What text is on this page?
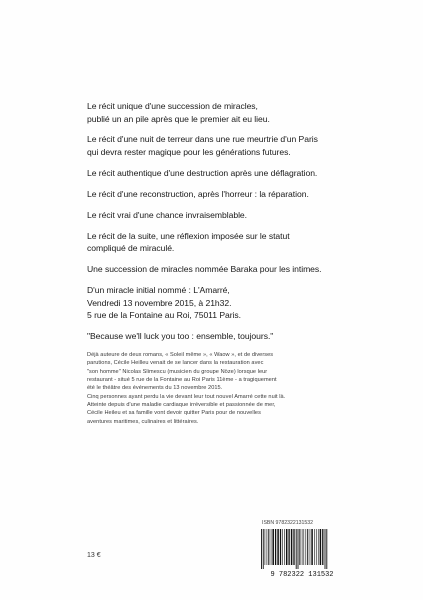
Le récit unique d'une succession de miracles,
publié un an pile après que le premier ait eu lieu.

Le récit d'une nuit de terreur dans une rue meurtrie d'un Paris
qui devra rester magique pour les générations futures.

Le récit authentique d'une destruction après une déflagration.

Le récit d'une reconstruction, après l'horreur : la réparation.

Le récit vrai d'une chance invraisemblable.

Le récit de la suite, une réflexion imposée sur le statut
compliqué de miraculé.

Une succession de miracles nommée Baraka pour les intimes.

D'un miracle initial nommé : L'Amarré,
Vendredi 13 novembre 2015, à 21h32.
5 rue de la Fontaine au Roi, 75011 Paris.

"Because we'll luck you too : ensemble, toujours."

Déjà auteure de deux romans, « Soleil même », « Waow », et de diverses
parutions, Cécile Heilleu venait de se lancer dans la restauration avec
"son homme" Nicolas Slimescu (musicien du groupe Nöze) lorsque leur
restaurant - situé 5 rue de la Fontaine au Roi Paris 11ème - a tragiquement
été le théâtre des événements du 13 novembre 2015.
Cinq personnes ayant perdu la vie devant leur tout nouvel Amarré cette nuit là.
Atteinte depuis d'une maladie cardiaque irréversible et passionnée de mer,
Cécile Heileu et sa famille vont devoir quitter Paris pour de nouvelles
aventures maritimes, culinaires et littéraires.

ISBN 9782322131532
9 782322 131532
13 €
